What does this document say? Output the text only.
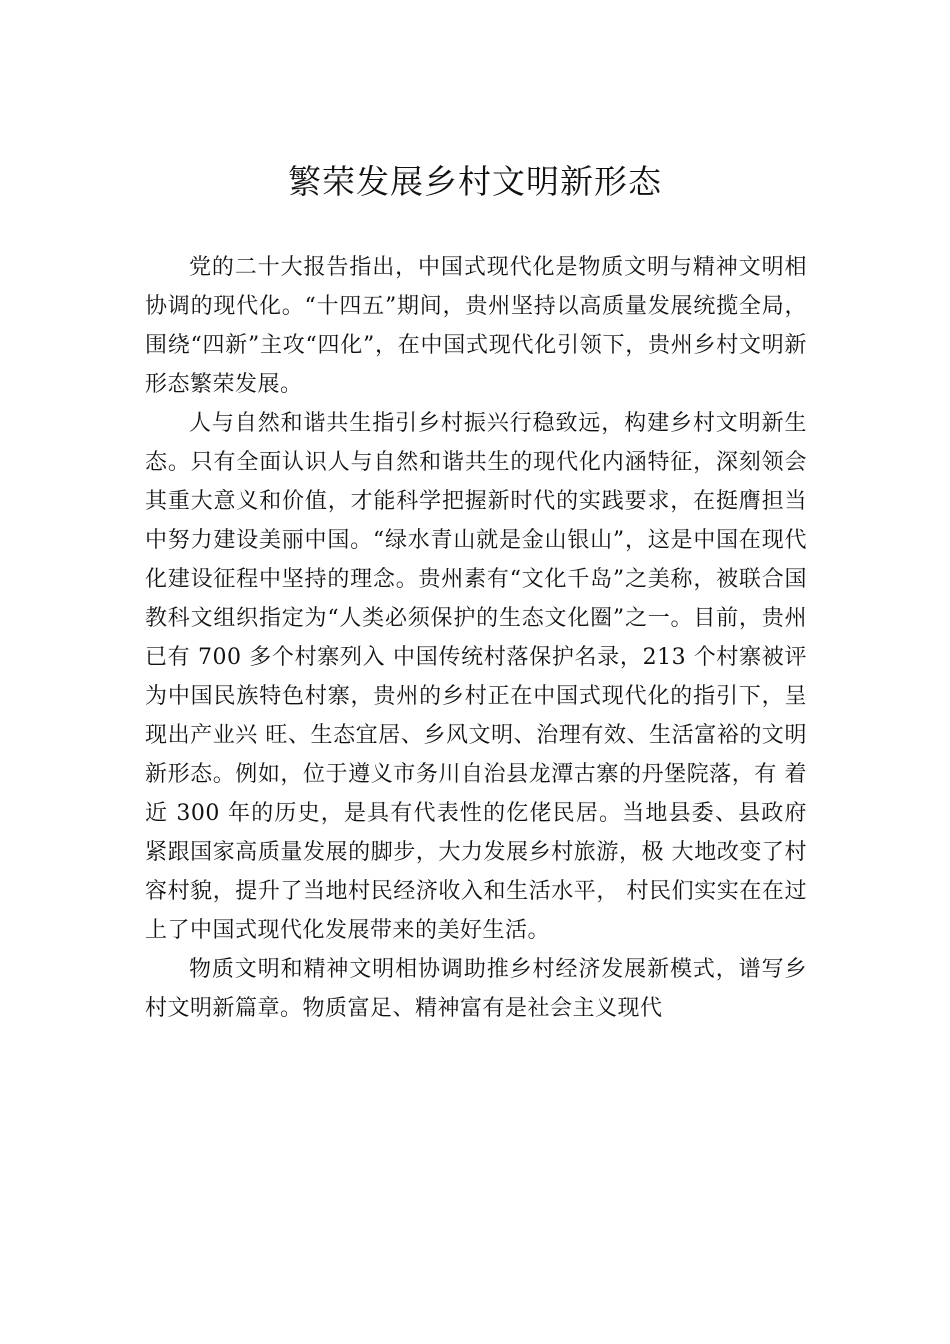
繁荣发展乡村文明新形态

党的二十大报告指出，中国式现代化是物质文明与精神文明相协调的现代化。“十四五”期间，贵州坚持以高质量发展统揽全局，围绕“四新”主攻“四化”，在中国式现代化引领下，贵州乡村文明新形态繁荣发展。

人与自然和谐共生指引乡村振兴行稳致远，构建乡村文明新生态。只有全面认识人与自然和谐共生的现代化内涵特征，深刻领会其重大意义和价值，才能科学把握新时代的实践要求，在挺膺担当中努力建设美丽中国。“绿水青山就是金山银山”，这是中国在现代化建设征程中坚持的理念。贵州素有“文化千岛”之美称，被联合国教科文组织指定为“人类必须保护的生态文化圈”之一。目前，贵州已有 700 多个村寨列入 中国传统村落保护名录，213 个村寨被评为中国民族特色村寨，贵州的乡村正在中国式现代化的指引下，呈现出产业兴 旺、生态宜居、乡风文明、治理有效、生活富裕的文明新形态。例如，位于遵义市务川自治县龙潭古寨的丹堡院落，有 着近 300 年的历史，是具有代表性的仡佬民居。当地县委、县政府紧跟国家高质量发展的脚步，大力发展乡村旅游，极 大地改变了村容村貌，提升了当地村民经济收入和生活水平， 村民们实实在在过上了中国式现代化发展带来的美好生活。

物质文明和精神文明相协调助推乡村经济发展新模式，谱写乡村文明新篇章。物质富足、精神富有是社会主义现代
